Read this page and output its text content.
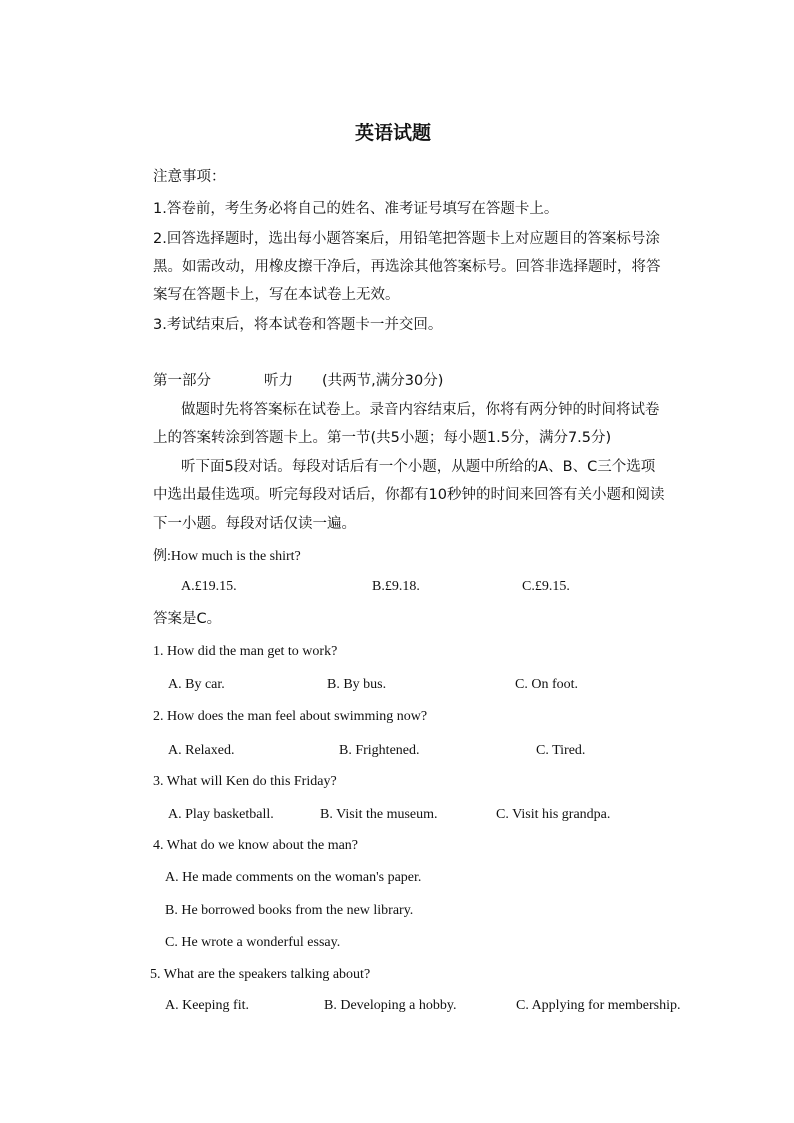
英语试题
注意事项：
1.答卷前，考生务必将自己的姓名、准考证号填写在答题卡上。
2.回答选择题时，选出每小题答案后，用铅笔把答题卡上对应题目的答案标号涂
黑。如需改动，用橡皮擦干净后，再选涂其他答案标号。回答非选择题时，将答
案写在答题卡上，写在本试卷上无效。
3.考试结束后，将本试卷和答题卡一并交回。
第一部分	听力 (共两节,满分30分)
做题时先将答案标在试卷上。录音内容结束后，你将有两分钟的时间将试卷
上的答案转涂到答题卡上。第一节(共5小题；每小题1.5分，满分7.5分)
听下面5段对话。每段对话后有一个小题，从题中所给的A、B、C三个选项
中选出最佳选项。听完每段对话后，你都有10秒钟的时间来回答有关小题和阅读
下一小题。每段对话仅读一遍。
例:How much is the shirt?
A.£19.15.	B.£9.18.	C.£9.15.
答案是C。
1. How did the man get to work?
A. By car.	B. By bus.	C. On foot.
2. How does the man feel about swimming now?
A. Relaxed.	B. Frightened.	C. Tired.
3. What will Ken do this Friday?
A. Play basketball.	B. Visit the museum.	C. Visit his grandpa.
4. What do we know about the man?
A. He made comments on the woman's paper.
B. He borrowed books from the new library.
C. He wrote a wonderful essay.
5. What are the speakers talking about?
A. Keeping fit.	B. Developing a hobby.	C. Applying for membership.
